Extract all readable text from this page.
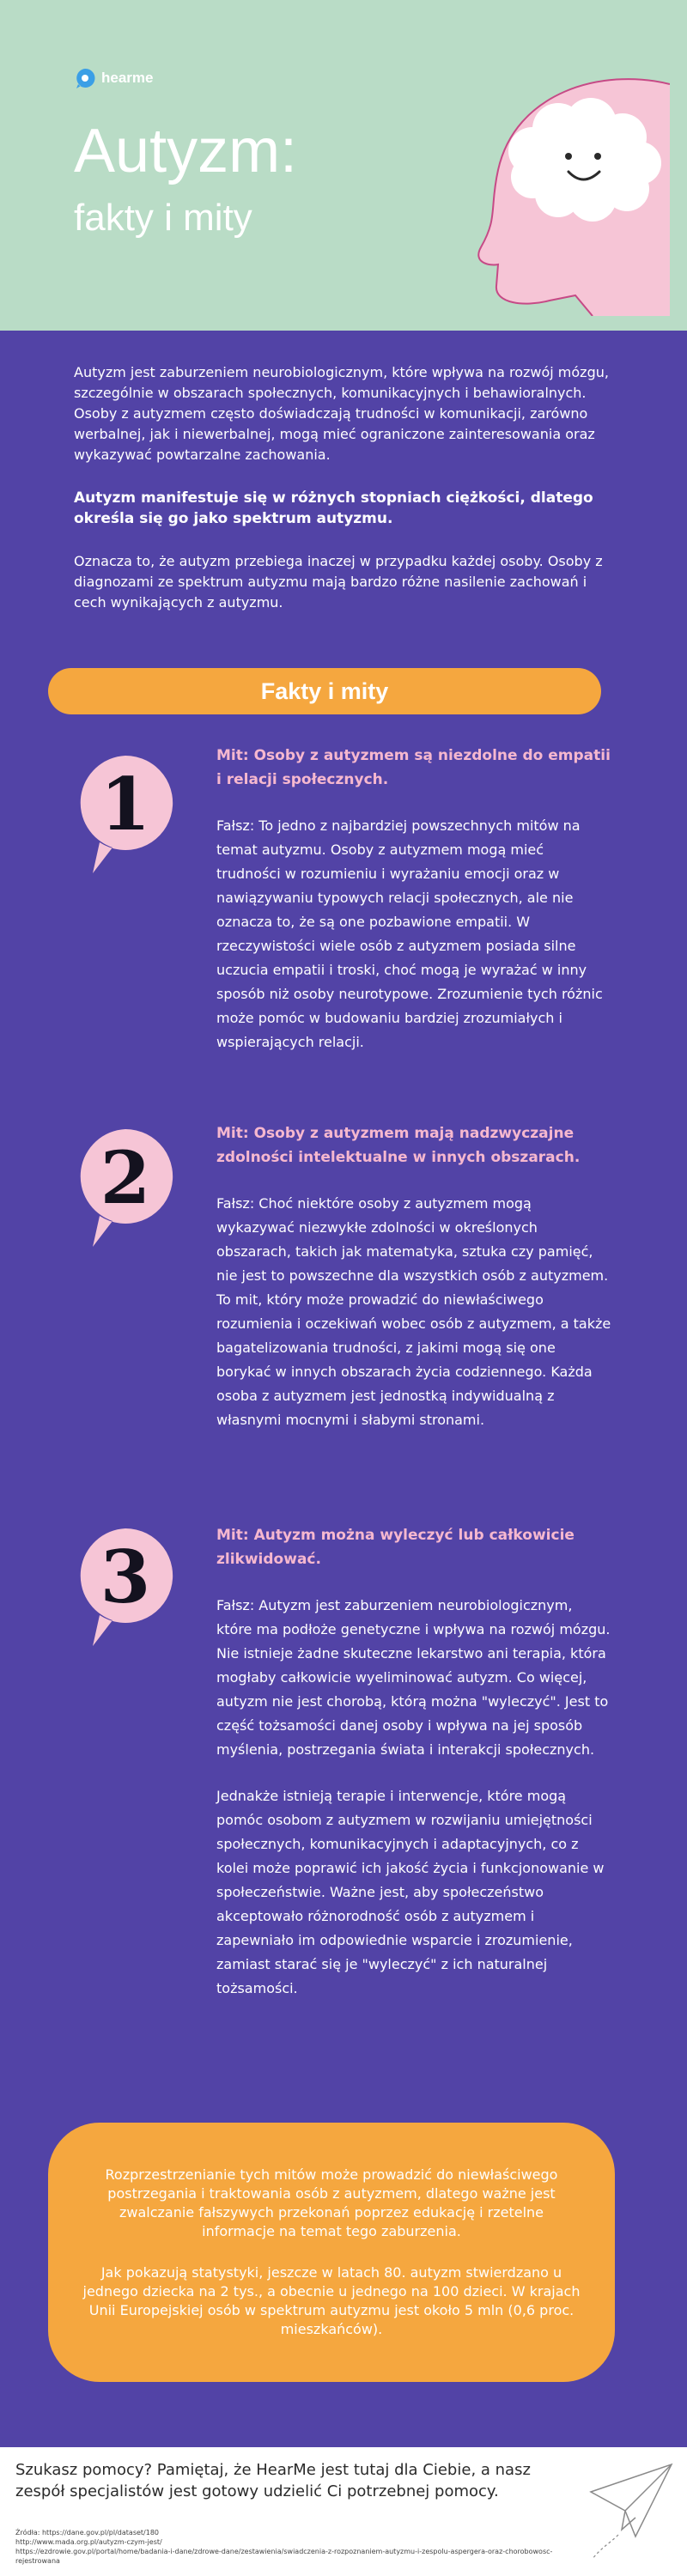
hearme
Autyzm:
fakty i mity

Autyzm jest zaburzeniem neurobiologicznym, które wpływa na rozwój mózgu, szczególnie w obszarach społecznych, komunikacyjnych i behawioralnych. Osoby z autyzmem często doświadczają trudności w komunikacji, zarówno werbalnej, jak i niewerbalnej, mogą mieć ograniczone zainteresowania oraz wykazywać powtarzalne zachowania.

Autyzm manifestuje się w różnych stopniach ciężkości, dlatego określa się go jako spektrum autyzmu.

Oznacza to, że autyzm przebiega inaczej w przypadku każdej osoby. Osoby z diagnozami ze spektrum autyzmu mają bardzo różne nasilenie zachowań i cech wynikających z autyzmu.

Fakty i mity
1
Mit: Osoby z autyzmem są niezdolne do empatii i relacji społecznych.

Fałsz: To jedno z najbardziej powszechnych mitów na temat autyzmu. Osoby z autyzmem mogą mieć trudności w rozumieniu i wyrażaniu emocji oraz w nawiązywaniu typowych relacji społecznych, ale nie oznacza to, że są one pozbawione empatii. W rzeczywistości wiele osób z autyzmem posiada silne uczucia empatii i troski, choć mogą je wyrażać w inny sposób niż osoby neurotypowe. Zrozumienie tych różnic może pomóc w budowaniu bardziej zrozumiałych i wspierających relacji.

2
Mit: Osoby z autyzmem mają nadzwyczajne zdolności intelektualne w innych obszarach.

Fałsz: Choć niektóre osoby z autyzmem mogą wykazywać niezwykłe zdolności w określonych obszarach, takich jak matematyka, sztuka czy pamięć, nie jest to powszechne dla wszystkich osób z autyzmem. To mit, który może prowadzić do niewłaściwego rozumienia i oczekiwań wobec osób z autyzmem, a także bagatelizowania trudności, z jakimi mogą się one borykać w innych obszarach życia codziennego. Każda osoba z autyzmem jest jednostką indywidualną z własnymi mocnymi i słabymi stronami.

3	Mit: Autyzm można wyleczyć lub całkowicie zlikwidować.

Fałsz: Autyzm jest zaburzeniem neurobiologicznym, które ma podłoże genetyczne i wpływa na rozwój mózgu. Nie istnieje żadne skuteczne lekarstwo ani terapia, która mogłaby całkowicie wyeliminować autyzm. Co więcej, autyzm nie jest chorobą, którą można "wyleczyć". Jest to część tożsamości danej osoby i wpływa na jej sposób myślenia, postrzegania świata i interakcji społecznych.

Jednakże istnieją terapie i interwencje, które mogą pomóc osobom z autyzmem w rozwijaniu umiejętności społecznych, komunikacyjnych i adaptacyjnych, co z kolei może poprawić ich jakość życia i funkcjonowanie w społeczeństwie. Ważne jest, aby społeczeństwo akceptowało różnorodność osób z autyzmem i zapewniało im odpowiednie wsparcie i zrozumienie, zamiast starać się je "wyleczyć" z ich naturalnej tożsamości.

Rozprzestrzenianie tych mitów może prowadzić do niewłaściwego postrzegania i traktowania osób z autyzmem, dlatego ważne jest zwalczanie fałszywych przekonań poprzez edukację i rzetelne informacje na temat tego zaburzenia.

Jak pokazują statystyki, jeszcze w latach 80. autyzm stwierdzano u jednego dziecka na 2 tys., a obecnie u jednego na 100 dzieci. W krajach Unii Europejskiej osób w spektrum autyzmu jest około 5 mln (0,6 proc. mieszkańców).

Szukasz pomocy? Pamiętaj, że HearMe jest tutaj dla Ciebie, a nasz zespół specjalistów jest gotowy udzielić Ci potrzebnej pomocy.
Źródła: https://dane.gov.pl/pl/dataset/180
http://www.mada.org.pl/autyzm-czym-jest/
https://ezdrowie.gov.pl/portal/home/badania-i-dane/zdrowe-dane/zestawienia/swiadczenia-z-rozpoznaniem-autyzmu-i-zespolu-aspergera-oraz-chorobowosc-
rejestrowana
